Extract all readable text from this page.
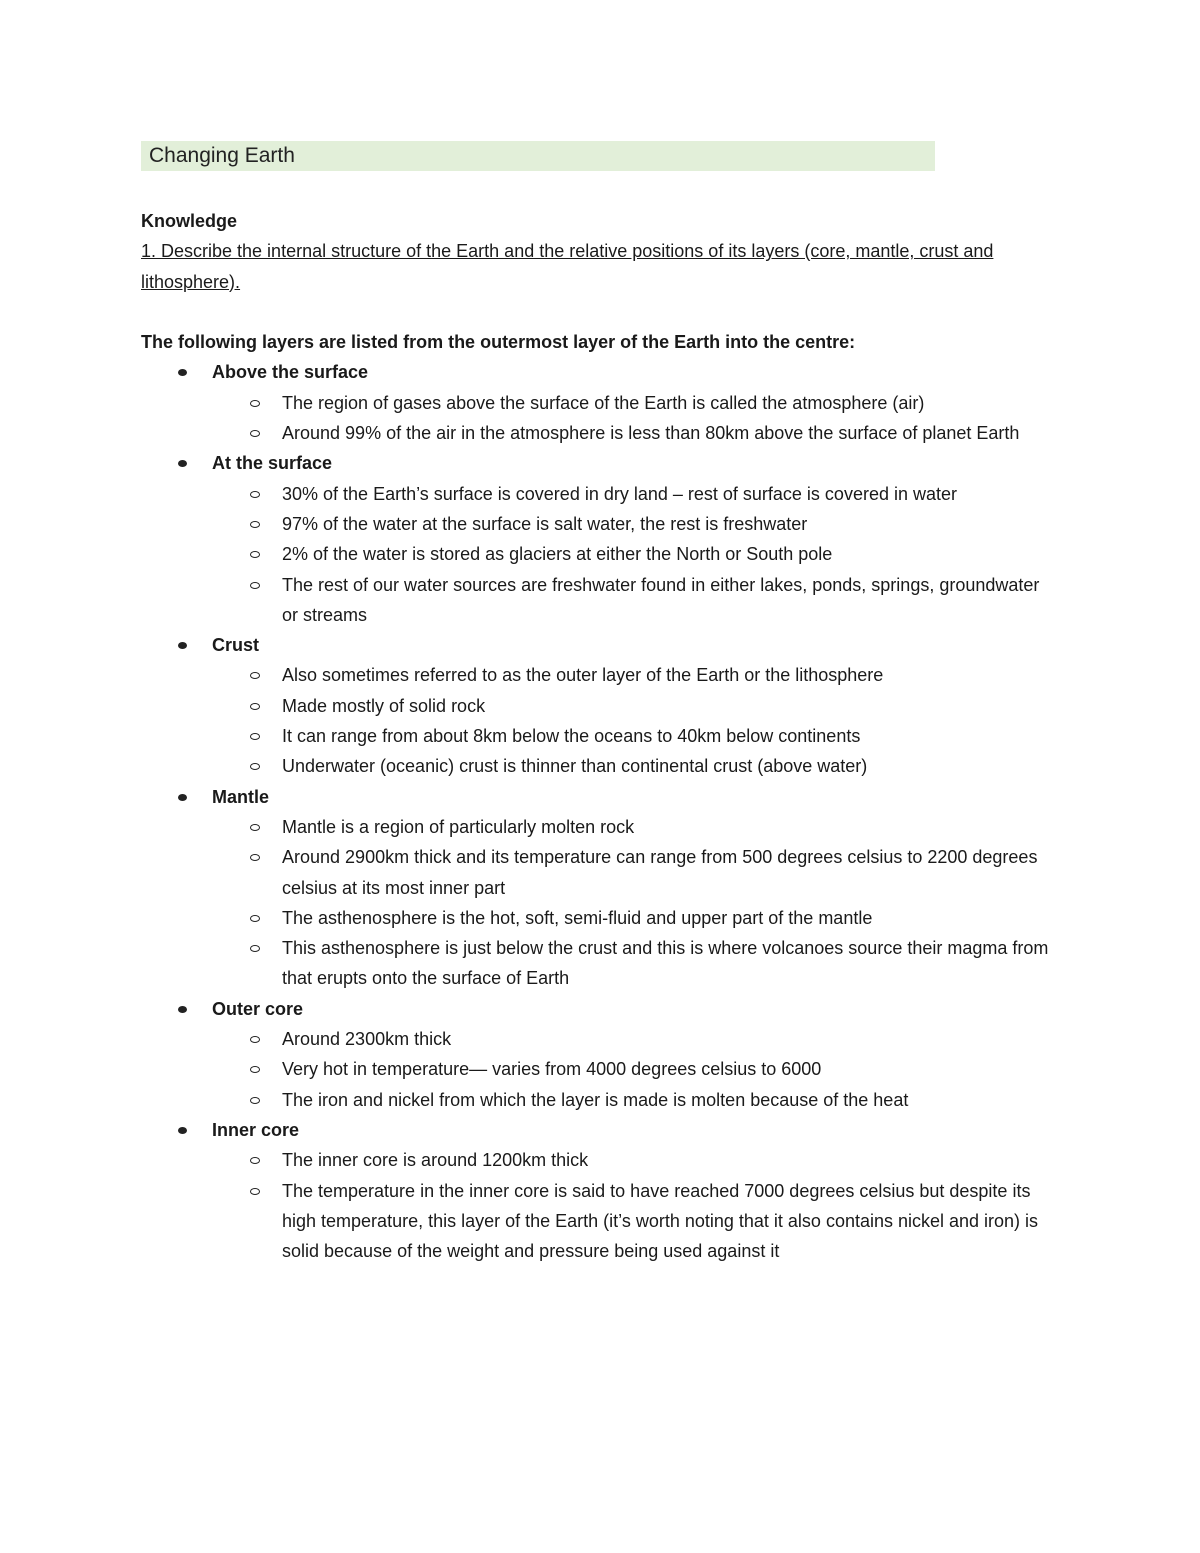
Changing Earth

Knowledge

1. Describe the internal structure of the Earth and the relative positions of its layers (core, mantle, crust and lithosphere).

The following layers are listed from the outermost layer of the Earth into the centre:

Above the surface
The region of gases above the surface of the Earth is called the atmosphere (air)
Around 99% of the air in the atmosphere is less than 80km above the surface of planet Earth
At the surface
30% of the Earth’s surface is covered in dry land – rest of surface is covered in water
97% of the water at the surface is salt water, the rest is freshwater
2% of the water is stored as glaciers at either the North or South pole
The rest of our water sources are freshwater found in either lakes, ponds, springs, groundwater or streams
Crust
Also sometimes referred to as the outer layer of the Earth or the lithosphere
Made mostly of solid rock
It can range from about 8km below the oceans to 40km below continents
Underwater (oceanic) crust is thinner than continental crust (above water)
Mantle
Mantle is a region of particularly molten rock
Around 2900km thick and its temperature can range from 500 degrees celsius to 2200 degrees celsius at its most inner part
The asthenosphere is the hot, soft, semi-fluid and upper part of the mantle
This asthenosphere is just below the crust and this is where volcanoes source their magma from that erupts onto the surface of Earth
Outer core
Around 2300km thick
Very hot in temperature— varies from 4000 degrees celsius to 6000
The iron and nickel from which the layer is made is molten because of the heat
Inner core
The inner core is around 1200km thick
The temperature in the inner core is said to have reached 7000 degrees celsius but despite its high temperature, this layer of the Earth (it’s worth noting that it also contains nickel and iron) is solid because of the weight and pressure being used against it
